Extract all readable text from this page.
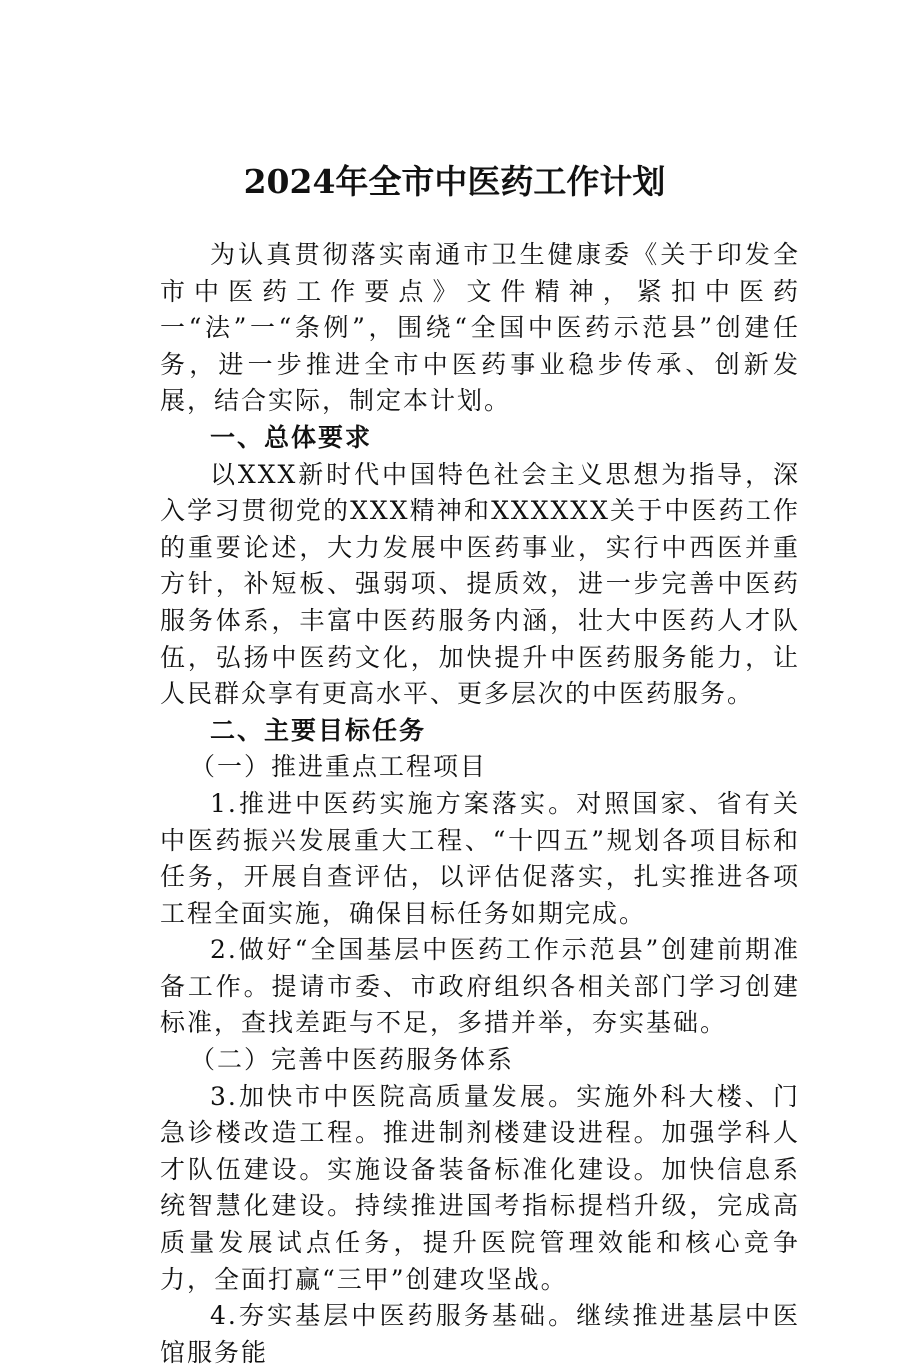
2024年全市中医药工作计划

为认真贯彻落实南通市卫生健康委《关于印发全市中医药工作要点》文件精神，紧扣中医药一“法”一“条例”，围绕“全国中医药示范县”创建任务，进一步推进全市中医药事业稳步传承、创新发展，结合实际，制定本计划。

一、总体要求

以XXX新时代中国特色社会主义思想为指导，深入学习贯彻党的XXX精神和XXXXXX关于中医药工作的重要论述，大力发展中医药事业，实行中西医并重方针，补短板、强弱项、提质效，进一步完善中医药服务体系，丰富中医药服务内涵，壮大中医药人才队伍，弘扬中医药文化，加快提升中医药服务能力，让人民群众享有更高水平、更多层次的中医药服务。

二、主要目标任务

（一）推进重点工程项目

1.推进中医药实施方案落实。对照国家、省有关中医药振兴发展重大工程、“十四五”规划各项目标和任务，开展自查评估，以评估促落实，扎实推进各项工程全面实施，确保目标任务如期完成。

2.做好“全国基层中医药工作示范县”创建前期准备工作。提请市委、市政府组织各相关部门学习创建标准，查找差距与不足，多措并举，夯实基础。

（二）完善中医药服务体系

3.加快市中医院高质量发展。实施外科大楼、门急诊楼改造工程。推进制剂楼建设进程。加强学科人才队伍建设。实施设备装备标准化建设。加快信息系统智慧化建设。持续推进国考指标提档升级，完成高质量发展试点任务，提升医院管理效能和核心竞争力，全面打赢“三甲”创建攻坚战。

4.夯实基层中医药服务基础。继续推进基层中医馆服务能
